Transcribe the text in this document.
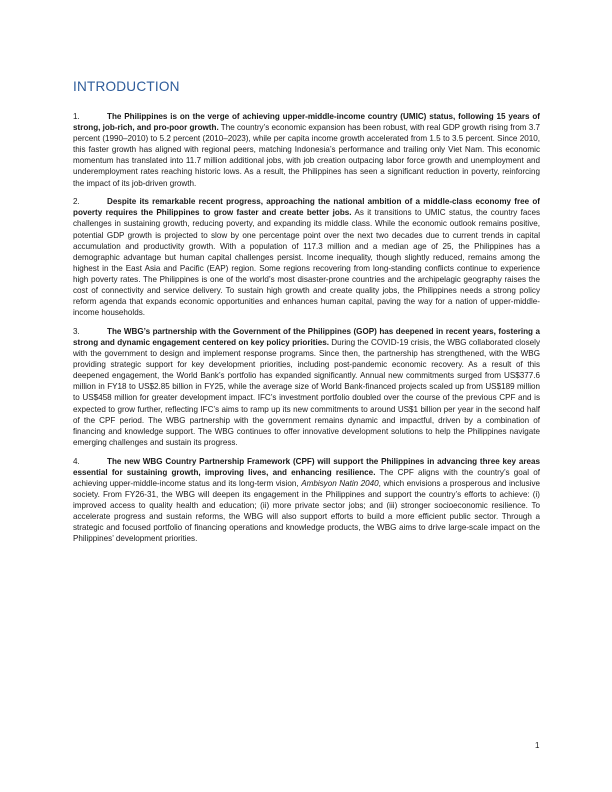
INTRODUCTION

1.	The Philippines is on the verge of achieving upper-middle-income country (UMIC) status, following 15 years of strong, job-rich, and pro-poor growth. The country’s economic expansion has been robust, with real GDP growth rising from 3.7 percent (1990–2010) to 5.2 percent (2010–2023), while per capita income growth accelerated from 1.5 to 3.5 percent. Since 2010, this faster growth has aligned with regional peers, matching Indonesia’s performance and trailing only Viet Nam. This economic momentum has translated into 11.7 million additional jobs, with job creation outpacing labor force growth and unemployment and underemployment rates reaching historic lows. As a result, the Philippines has seen a significant reduction in poverty, reinforcing the impact of its job-driven growth.

2.	Despite its remarkable recent progress, approaching the national ambition of a middle-class economy free of poverty requires the Philippines to grow faster and create better jobs. As it transitions to UMIC status, the country faces challenges in sustaining growth, reducing poverty, and expanding its middle class. While the economic outlook remains positive, potential GDP growth is projected to slow by one percentage point over the next two decades due to current trends in capital accumulation and productivity growth. With a population of 117.3 million and a median age of 25, the Philippines has a demographic advantage but human capital challenges persist. Income inequality, though slightly reduced, remains among the highest in the East Asia and Pacific (EAP) region. Some regions recovering from long-standing conflicts continue to experience high poverty rates. The Philippines is one of the world’s most disaster-prone countries and the archipelagic geography raises the cost of connectivity and service delivery. To sustain high growth and create quality jobs, the Philippines needs a strong policy reform agenda that expands economic opportunities and enhances human capital, paving the way for a nation of upper-middle-income households.

3.	The WBG’s partnership with the Government of the Philippines (GOP) has deepened in recent years, fostering a strong and dynamic engagement centered on key policy priorities. During the COVID-19 crisis, the WBG collaborated closely with the government to design and implement response programs. Since then, the partnership has strengthened, with the WBG providing strategic support for key development priorities, including post-pandemic economic recovery. As a result of this deepened engagement, the World Bank’s portfolio has expanded significantly. Annual new commitments surged from US$377.6 million in FY18 to US$2.85 billion in FY25, while the average size of World Bank-financed projects scaled up from US$189 million to US$458 million for greater development impact. IFC’s investment portfolio doubled over the course of the previous CPF and is expected to grow further, reflecting IFC’s aims to ramp up its new commitments to around US$1 billion per year in the second half of the CPF period. The WBG partnership with the government remains dynamic and impactful, driven by a combination of financing and knowledge support. The WBG continues to offer innovative development solutions to help the Philippines navigate emerging challenges and sustain its progress.

4.	The new WBG Country Partnership Framework (CPF) will support the Philippines in advancing three key areas essential for sustaining growth, improving lives, and enhancing resilience. The CPF aligns with the country’s goal of achieving upper-middle-income status and its long-term vision, Ambisyon Natin 2040, which envisions a prosperous and inclusive society. From FY26-31, the WBG will deepen its engagement in the Philippines and support the country’s efforts to achieve: (i) improved access to quality health and education; (ii) more private sector jobs; and (iii) stronger socioeconomic resilience. To accelerate progress and sustain reforms, the WBG will also support efforts to build a more efficient public sector. Through a strategic and focused portfolio of financing operations and knowledge products, the WBG aims to drive large-scale impact on the Philippines’ development priorities.

1
